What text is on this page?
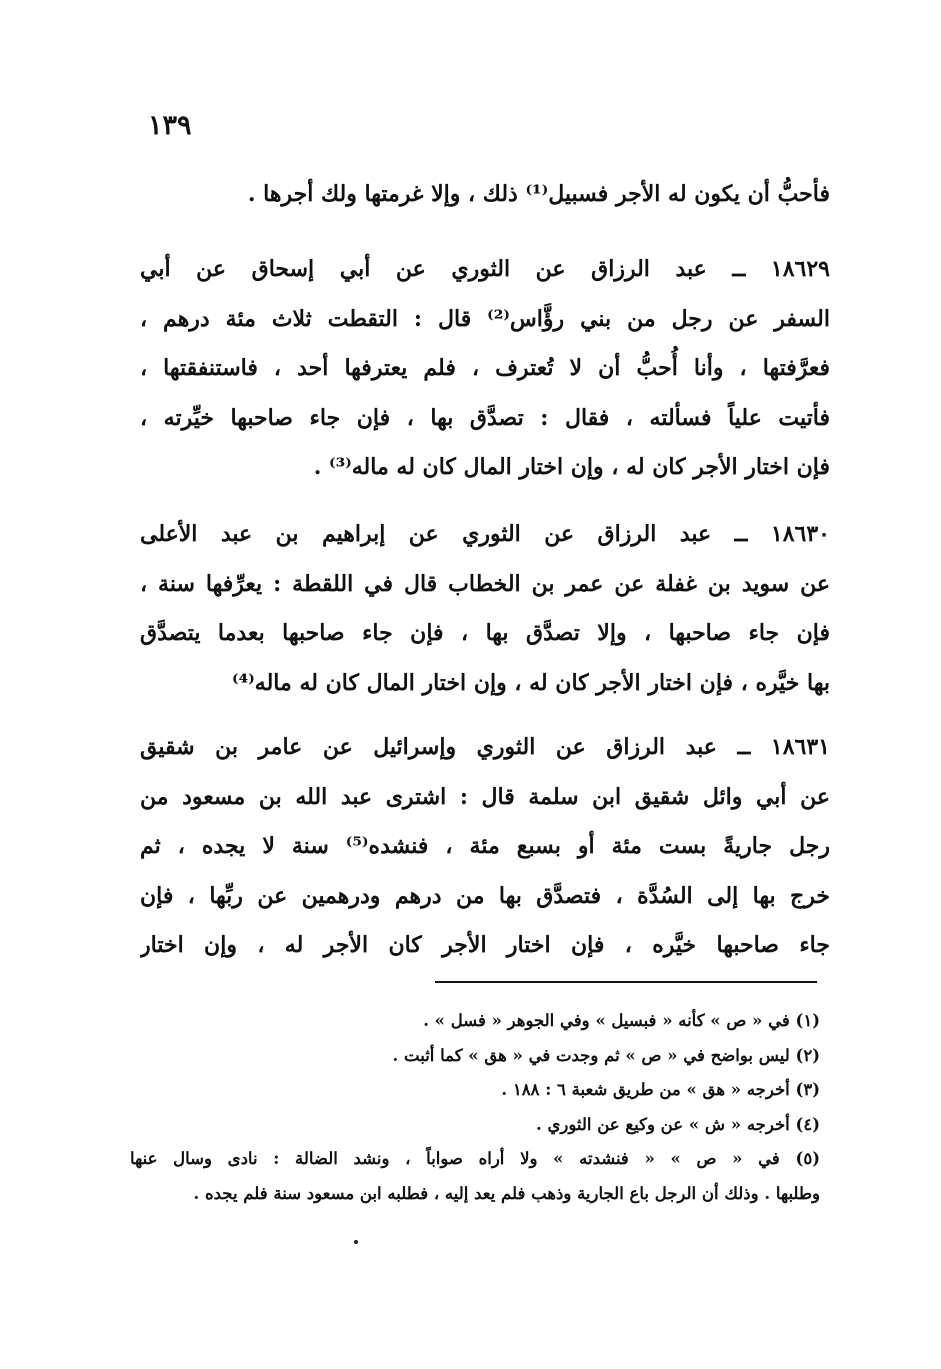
١٣٩
فأحبُّ أن يكون له الأجر فسبيل⁽¹⁾ ذلك ، وإلا غرمتها ولك أجرها .
١٨٦٢٩ ــ عبد الرزاق عن الثوري عن أبي إسحاق عن أبي
السفر عن رجل من بني رؤَّاس⁽²⁾ قال : التقطت ثلاث مئة درهم ،
فعرَّفتها ، وأنا أُحبُّ أن لا تُعترف ، فلم يعترفها أحد ، فاستنفقتها ،
فأتيت علياً فسألته ، فقال : تصدَّق بها ، فإن جاء صاحبها خيِّرته ،
فإن اختار الأجر كان له ، وإن اختار المال كان له ماله⁽³⁾ .
١٨٦٣٠ ــ عبد الرزاق عن الثوري عن إبراهيم بن عبد الأعلى
عن سويد بن غفلة عن عمر بن الخطاب قال في اللقطة : يعرِّفها سنة ،
فإن جاء صاحبها ، وإلا تصدَّق بها ، فإن جاء صاحبها بعدما يتصدَّق
بها خيَّره ، فإن اختار الأجر كان له ، وإن اختار المال كان له ماله⁽⁴⁾
١٨٦٣١ ــ عبد الرزاق عن الثوري وإسرائيل عن عامر بن شقيق
عن أبي وائل شقيق ابن سلمة قال : اشترى عبد الله بن مسعود من
رجل جاريةً بست مئة أو بسبع مئة ، فنشده⁽⁵⁾ سنة لا يجده ، ثم
خرج بها إلى السُدَّة ، فتصدَّق بها من درهم ودرهمين عن ربِّها ، فإن
جاء صاحبها خيَّره ، فإن اختار الأجر كان الأجر له ، وإن اختار
(١) في « ص » كأنه « فبسيل » وفي الجوهر « فسل » .
(٢) ليس بواضح في « ص » ثم وجدت في « هق » كما أثبت .
(٣) أخرجه « هق » من طريق شعبة ٦ : ١٨٨ .
(٤) أخرجه « ش » عن وكيع عن الثوري .
(٥) في « ص » « فنشدته » ولا أراه صواباً ، ونشد الضالة : نادى وسال عنها
وطلبها . وذلك أن الرجل باع الجارية وذهب فلم يعد إليه ، فطلبه ابن مسعود سنة فلم يجده .
